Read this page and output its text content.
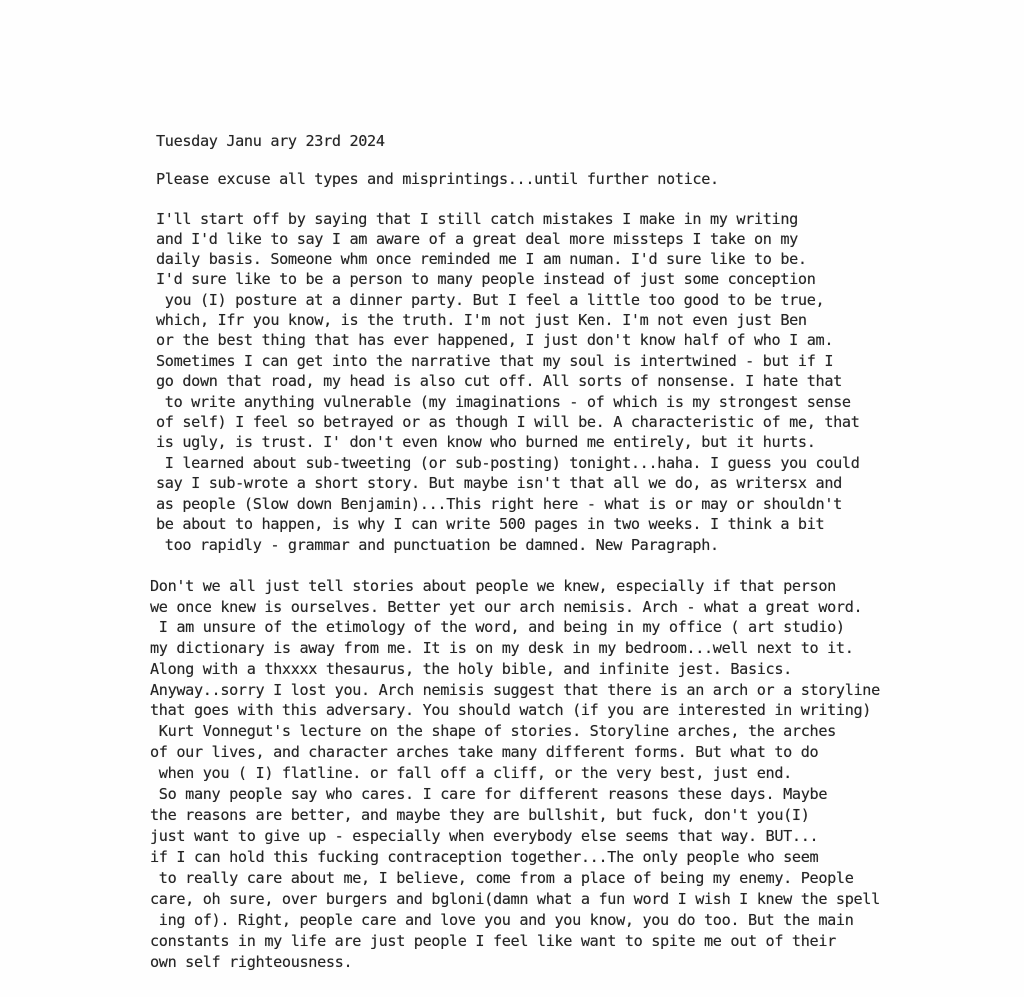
Tuesday Janu ary 23rd 2024
Please excuse all types and misprintings...until further notice.
I'll start off by saying that I still catch mistakes I make in my writing
and I'd like to say I am aware of a great deal more missteps I take on my
daily basis. Someone whm once reminded me I am numan. I'd sure like to be.
I'd sure like to be a person to many people instead of just some conception
you (I) posture at a dinner party. But I feel a little too good to be true,
which, Ifr you know, is the truth. I'm not just Ken. I'm not even just Ben
or the best thing that has ever happened, I just don't know half of who I am.
Sometimes I can get into the narrative that my soul is intertwined - but if I
go down that road, my head is also cut off. All sorts of nonsense. I hate that
to write anything vulnerable (my imaginations - of which is my strongest sense
of self) I feel so betrayed or as though I will be. A characteristic of me, that
is ugly, is trust. I' don't even know who burned me entirely, but it hurts.
I learned about sub-tweeting (or sub-posting) tonight...haha. I guess you could
say I sub-wrote a short story. But maybe isn't that all we do, as writersx and
as people (Slow down Benjamin)...This right here - what is or may or shouldn't
be about to happen, is why I can write 500 pages in two weeks. I think a bit
too rapidly - grammar and punctuation be damned. New Paragraph.
Don't we all just tell stories about people we knew, especially if that person
we once knew is ourselves. Better yet our arch nemisis. Arch - what a great word.
I am unsure of the etimology of the word, and being in my office ( art studio)
my dictionary is away from me. It is on my desk in my bedroom...well next to it.
Along with a thxxxx thesaurus, the holy bible, and infinite jest. Basics.
Anyway..sorry I lost you. Arch nemisis suggest that there is an arch or a storyline
that goes with this adversary. You should watch (if you are interested in writing)
Kurt Vonnegut's lecture on the shape of stories. Storyline arches, the arches
of our lives, and character arches take many different forms. But what to do
when you ( I) flatline. or fall off a cliff, or the very best, just end.
So many people say who cares. I care for different reasons these days. Maybe
the reasons are better, and maybe they are bullshit, but fuck, don't you(I)
just want to give up - especially when everybody else seems that way. BUT...
if I can hold this fucking contraception together...The only people who seem
to really care about me, I believe, come from a place of being my enemy. People
care, oh sure, over burgers and bgloni(damn what a fun word I wish I knew the spell
ing of). Right, people care and love you and you know, you do too. But the main
constants in my life are just people I feel like want to spite me out of their
own self righteousness.
